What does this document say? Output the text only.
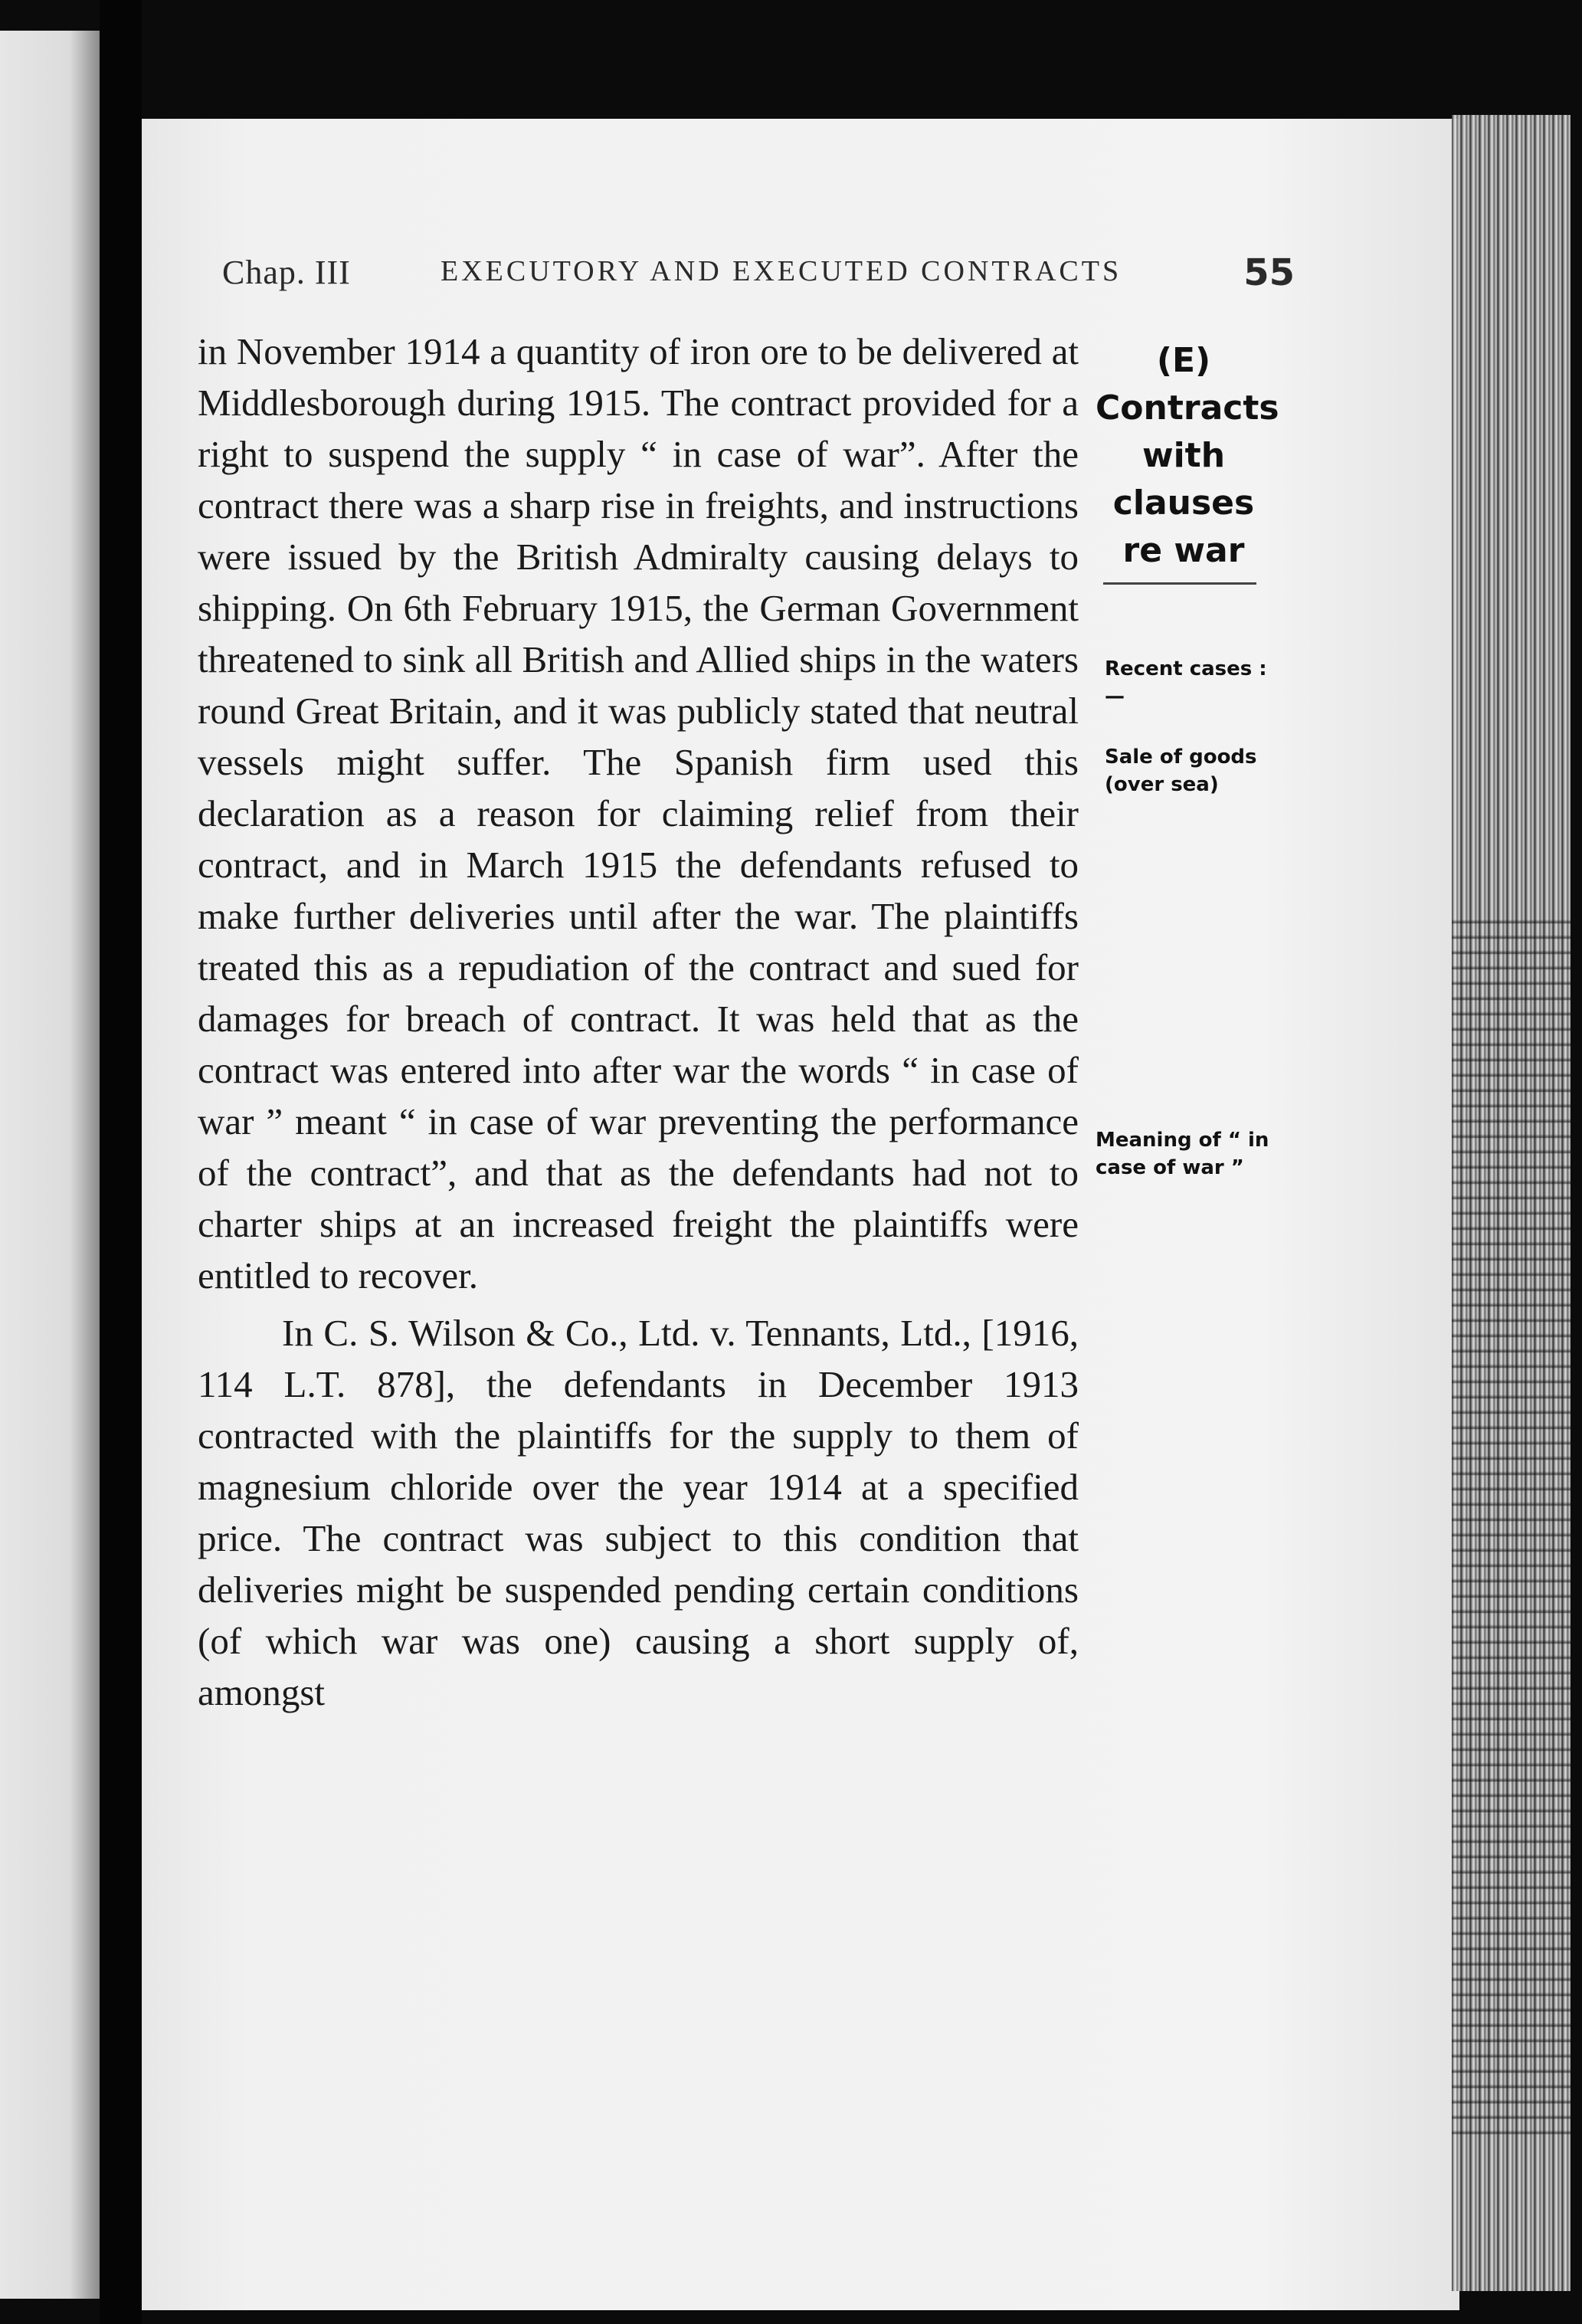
Chap. III	EXECUTORY AND EXECUTED CONTRACTS	55

in November 1914 a quantity of iron ore to be delivered at Middlesborough during 1915. The contract provided for a right to suspend the supply “ in case of war”. After the contract there was a sharp rise in freights, and instructions were issued by the British Admiralty causing delays to shipping. On 6th February 1915, the German Government threatened to sink all British and Allied ships in the waters round Great Britain, and it was publicly stated that neutral vessels might suffer. The Spanish firm used this declaration as a reason for claiming relief from their contract, and in March 1915 the defendants refused to make further deliveries until after the war. The plaintiffs treated this as a repudiation of the contract and sued for damages for breach of contract. It was held that as the contract was entered into after war the words “ in case of war ” meant “ in case of war preventing the performance of the contract”, and that as the defendants had not to charter ships at an increased freight the plaintiffs were entitled to recover.

In C. S. Wilson & Co., Ltd. v. Tennants, Ltd., [1916, 114 L.T. 878], the defendants in December 1913 contracted with the plaintiffs for the supply to them of magnesium chloride over the year 1914 at a specified price. The contract was subject to this condition that deliveries might be suspended pending certain conditions (of which war was one) causing a short supply of, amongst

(E) Contracts with clauses re war
Recent cases :—
Sale of goods (over sea)
Meaning of “ in case of war ”
